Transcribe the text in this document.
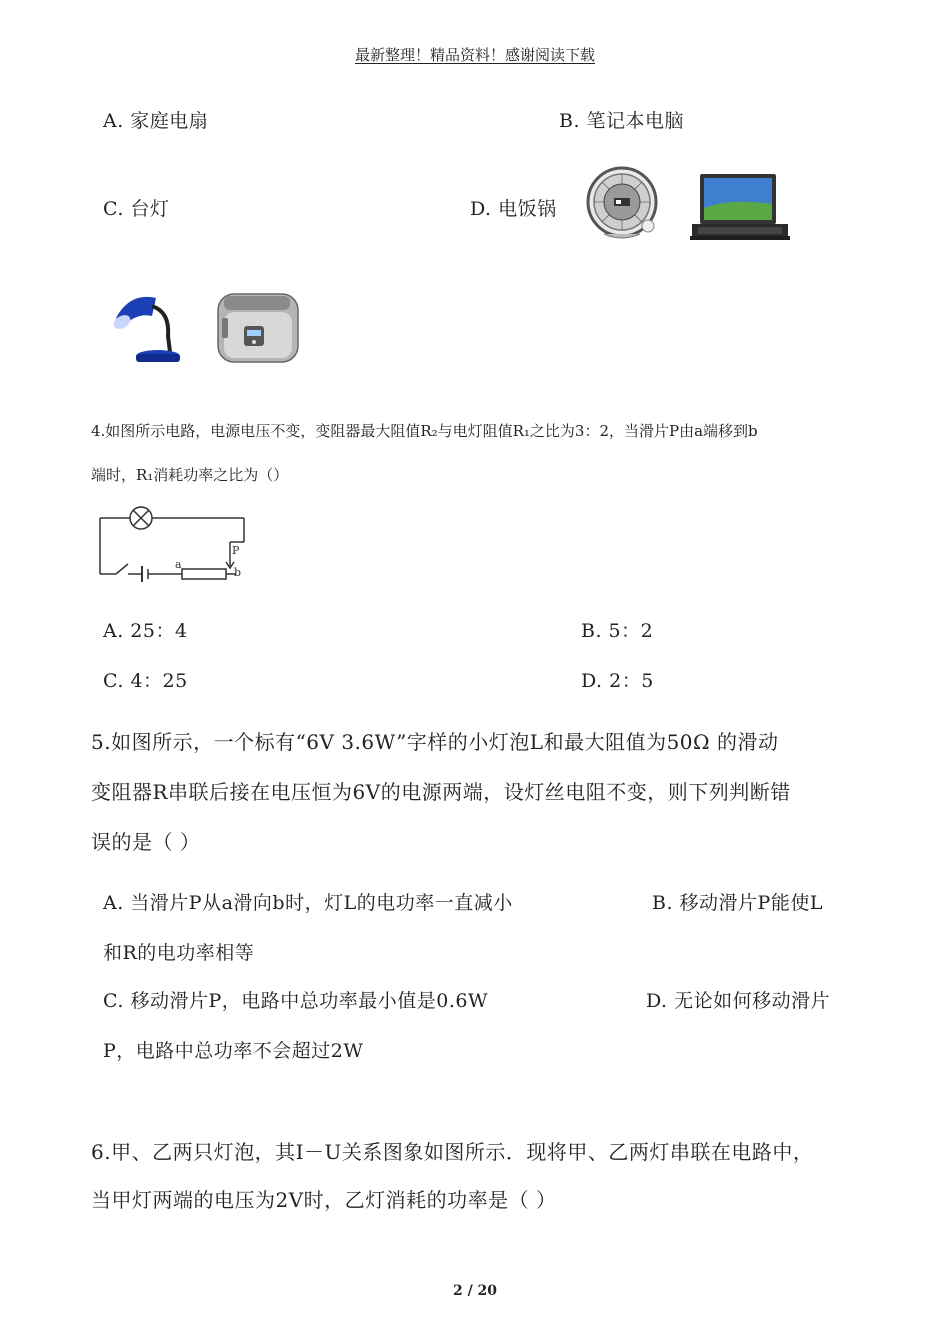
最新整理！精品资料！感谢阅读下载
A. 家庭电扇	B. 笔记本电脑
C. 台灯	D. 电饭锅
4.如图所示电路，电源电压不变，变阻器最大阻值R₂与电灯阻值R₁之比为3：2，当滑片P由a端移到b
端时，R₁消耗功率之比为（）
a
P
b
A. 25：4	B. 5：2
C. 4：25	D. 2：5
5.如图所示，一个标有“6V 3.6W”字样的小灯泡L和最大阻值为50Ω 的滑动
变阻器R串联后接在电压恒为6V的电源两端，设灯丝电阻不变，则下列判断错
误的是（ ）
A. 当滑片P从a滑向b时，灯L的电功率一直减小	B. 移动滑片P能使L
和R的电功率相等
C. 移动滑片P，电路中总功率最小值是0.6W	D. 无论如何移动滑片
P，电路中总功率不会超过2W
6.甲、乙两只灯泡，其I－U关系图象如图所示．现将甲、乙两灯串联在电路中，
当甲灯两端的电压为2V时，乙灯消耗的功率是（ ）
2 / 20
